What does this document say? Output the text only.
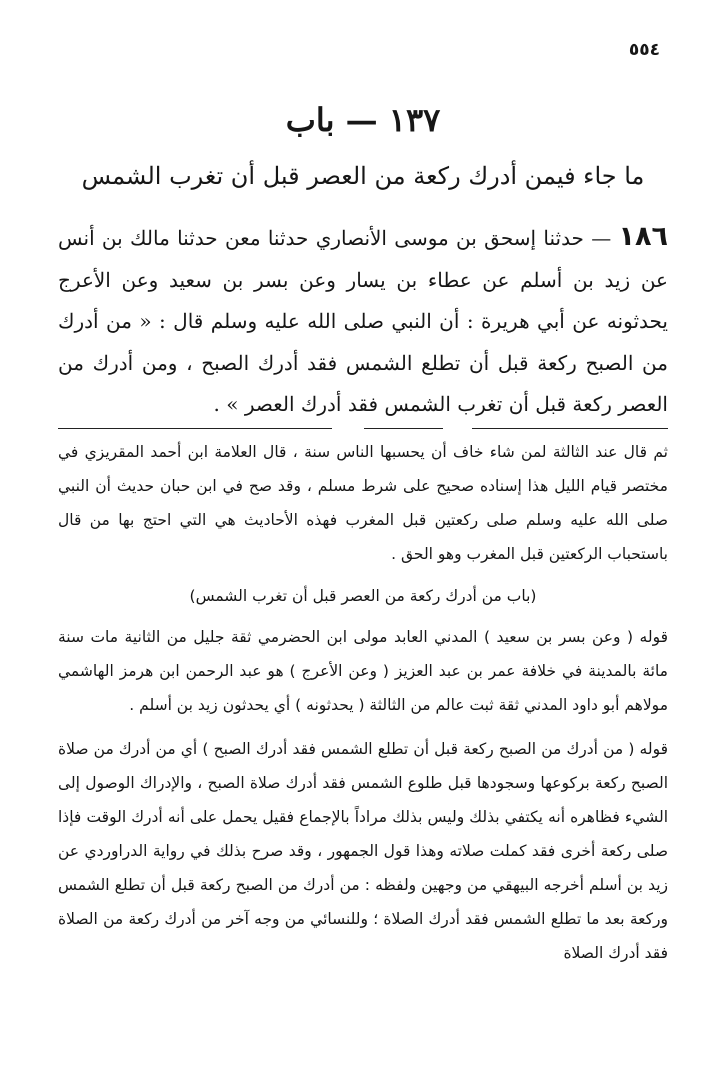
٥٥٤
١٣٧ — باب
ما جاء فيمن أدرك ركعة من العصر قبل أن تغرب الشمس
١٨٦ — حدثنا إسحق بن موسى الأنصاري حدثنا معن حدثنا مالك بن أنس عن زيد بن أسلم عن عطاء بن يسار وعن بسر بن سعيد وعن الأعرج يحدثونه عن أبي هريرة : أن النبي صلى الله عليه وسلم قال : « من أدرك من الصبح ركعة قبل أن تطلع الشمس فقد أدرك الصبح ، ومن أدرك من العصر ركعة قبل أن تغرب الشمس فقد أدرك العصر » .

ثم قال عند الثالثة لمن شاء خاف أن يحسبها الناس سنة ، قال العلامة ابن أحمد المقريزي في مختصر قيام الليل هذا إسناده صحيح على شرط مسلم ، وقد صح في ابن حبان حديث أن النبي صلى الله عليه وسلم صلى ركعتين قبل المغرب فهذه الأحاديث هي التي احتج بها من قال باستحباب الركعتين قبل المغرب وهو الحق .

(باب من أدرك ركعة من العصر قبل أن تغرب الشمس)

قوله ( وعن بسر بن سعيد ) المدني العابد مولى ابن الحضرمي ثقة جليل من الثانية مات سنة مائة بالمدينة في خلافة عمر بن عبد العزيز ( وعن الأعرج ) هو عبد الرحمن ابن هرمز الهاشمي مولاهم أبو داود المدني ثقة ثبت عالم من الثالثة ( يحدثونه ) أي يحدثون زيد بن أسلم .

قوله ( من أدرك من الصبح ركعة قبل أن تطلع الشمس فقد أدرك الصبح ) أي من أدرك من صلاة الصبح ركعة بركوعها وسجودها قبل طلوع الشمس فقد أدرك صلاة الصبح ، والإدراك الوصول إلى الشيء فظاهره أنه يكتفي بذلك وليس بذلك مراداً بالإجماع فقيل يحمل على أنه أدرك الوقت فإذا صلى ركعة أخرى فقد كملت صلاته وهذا قول الجمهور ، وقد صرح بذلك في رواية الدراوردي عن زيد بن أسلم أخرجه البيهقي من وجهين ولفظه : من أدرك من الصبح ركعة قبل أن تطلع الشمس وركعة بعد ما تطلع الشمس فقد أدرك الصلاة ؛ وللنسائي من وجه آخر من أدرك ركعة من الصلاة فقد أدرك الصلاة
